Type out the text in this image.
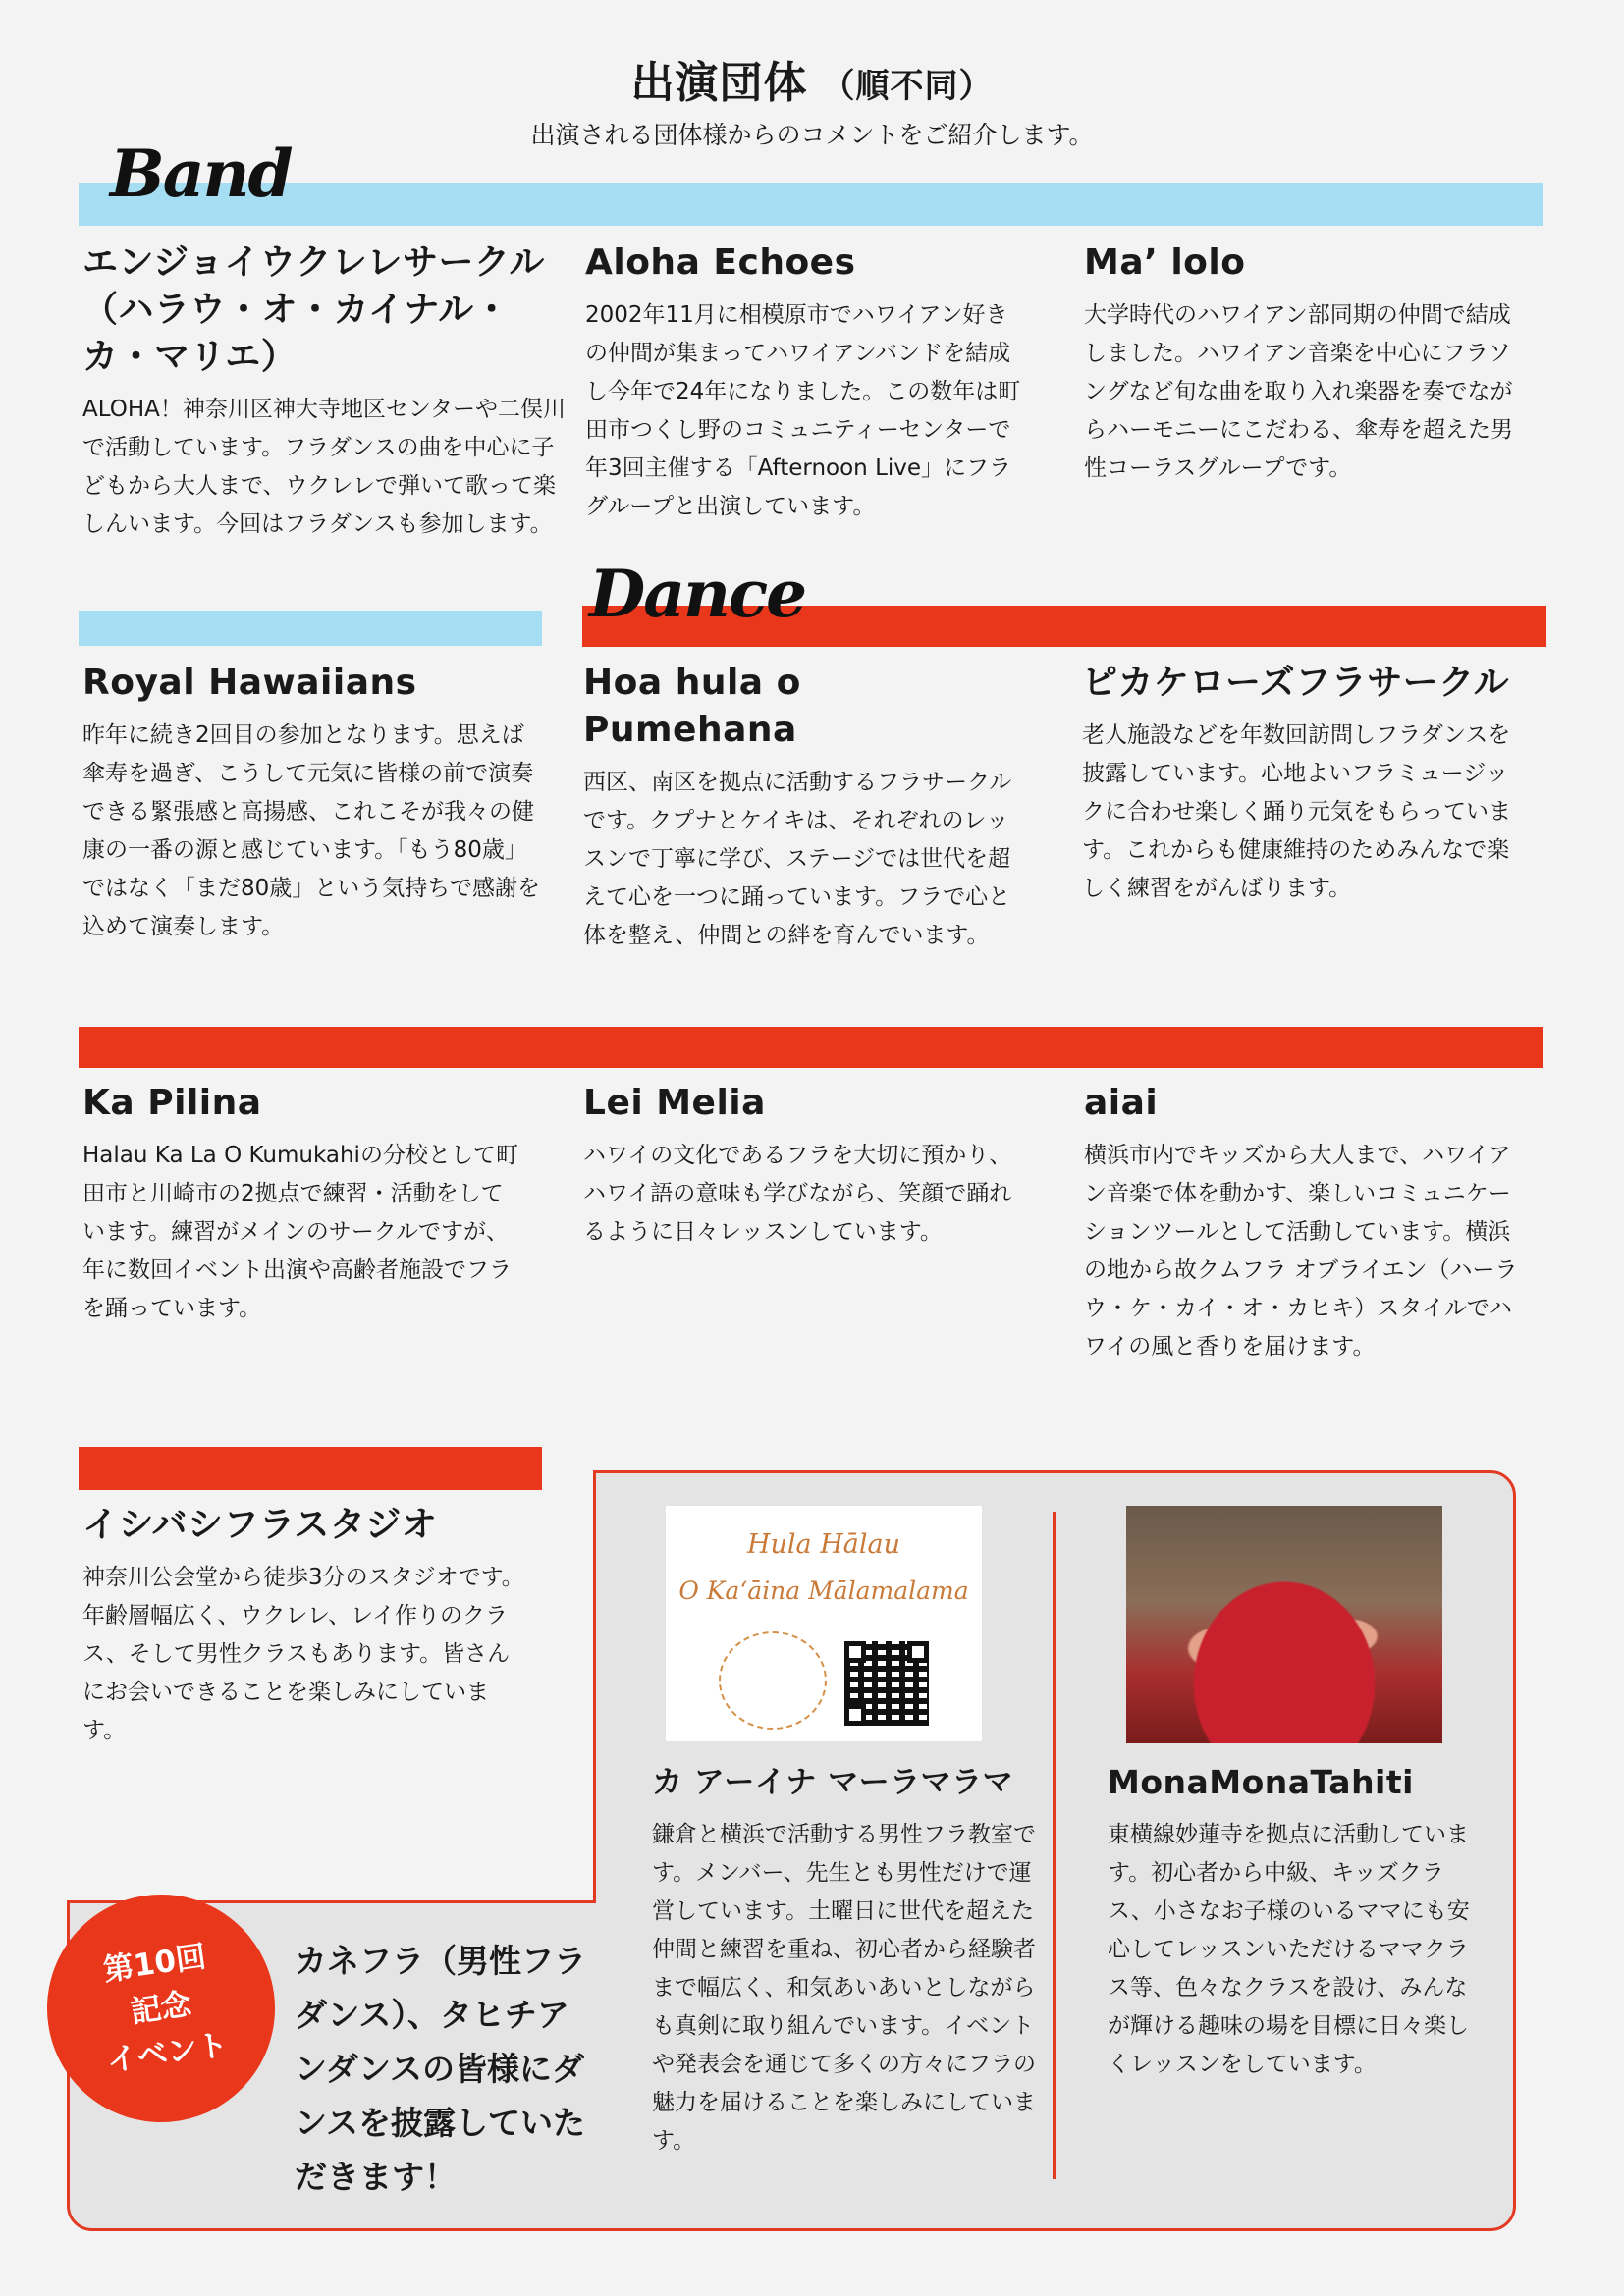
出演団体 （順不同）
出演される団体様からのコメントをご紹介します。
Band
エンジョイウクレレサークル
（ハラウ・オ・カイナル・カ・マリエ）
ALOHA！神奈川区神大寺地区センターや二俣川で活動しています。フラダンスの曲を中心に子どもから大人まで、ウクレレで弾いて歌って楽しんいます。今回はフラダンスも参加します。
Aloha Echoes
2002年11月に相模原市でハワイアン好きの仲間が集まってハワイアンバンドを結成し今年で24年になりました。この数年は町田市つくし野のコミュニティーセンターで年3回主催する「Afternoon Live」にフラグループと出演しています。
Ma’ lolo
大学時代のハワイアン部同期の仲間で結成しました。ハワイアン音楽を中心にフラソングなど旬な曲を取り入れ楽器を奏でながらハーモニーにこだわる、傘寿を超えた男性コーラスグループです。
Dance
Royal Hawaiians
昨年に続き2回目の参加となります。思えば傘寿を過ぎ、こうして元気に皆様の前で演奏できる緊張感と高揚感、これこそが我々の健康の一番の源と感じています。「もう80歳」ではなく「まだ80歳」という気持ちで感謝を込めて演奏します。
Hoa hula o Pumehana
西区、南区を拠点に活動するフラサークルです。クプナとケイキは、それぞれのレッスンで丁寧に学び、ステージでは世代を超えて心を一つに踊っています。フラで心と体を整え、仲間との絆を育んでいます。
ピカケローズフラサークル
老人施設などを年数回訪問しフラダンスを披露しています。心地よいフラミュージックに合わせ楽しく踊り元気をもらっています。これからも健康維持のためみんなで楽しく練習をがんばります。
Ka Pilina
Halau Ka La O Kumukahiの分校として町田市と川崎市の2拠点で練習・活動をしています。練習がメインのサークルですが、年に数回イベント出演や高齢者施設でフラを踊っています。
Lei Melia
ハワイの文化であるフラを大切に預かり、ハワイ語の意味も学びながら、笑顔で踊れるように日々レッスンしています。
aiai
横浜市内でキッズから大人まで、ハワイアン音楽で体を動かす、楽しいコミュニケーションツールとして活動しています。横浜の地から故クムフラ オブライエン（ハーラウ・ケ・カイ・オ・カヒキ）スタイルでハワイの風と香りを届けます。
イシバシフラスタジオ
神奈川公会堂から徒歩3分のスタジオです。年齢層幅広く、ウクレレ、レイ作りのクラス、そして男性クラスもあります。皆さんにお会いできることを楽しみにしています。
Hula Hālau
O Ka‘āina Mālamalama
カ アーイナ マーラマラマ
鎌倉と横浜で活動する男性フラ教室です。メンバー、先生とも男性だけで運営しています。土曜日に世代を超えた仲間と練習を重ね、初心者から経験者まで幅広く、和気あいあいとしながらも真剣に取り組んでいます。イベントや発表会を通じて多くの方々にフラの魅力を届けることを楽しみにしています。
MonaMonaTahiti
東横線妙蓮寺を拠点に活動しています。初心者から中級、キッズクラス、小さなお子様のいるママにも安心してレッスンいただけるママクラス等、色々なクラスを設け、みんなが輝ける趣味の場を目標に日々楽しくレッスンをしています。
第10回
記念
イベント
カネフラ（男性フラダンス）、タヒチアンダンスの皆様にダンスを披露していただきます！
